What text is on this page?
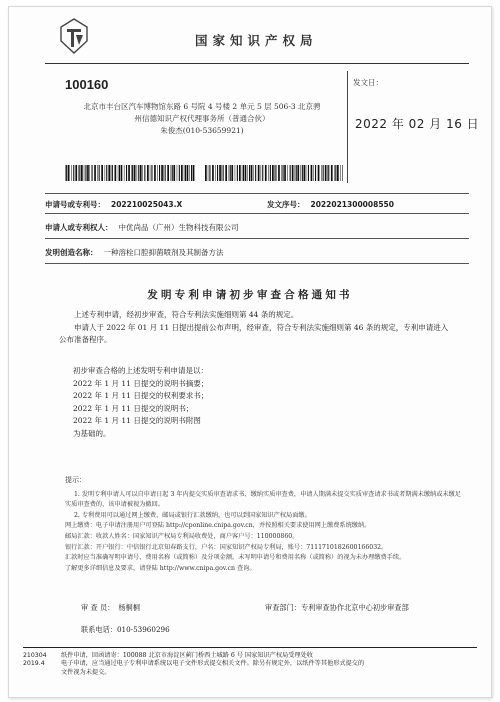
国家知识产权局
100160
北京市丰台区汽车博物馆东路 6 号院 4 号楼 2 单元 5 层 506-3 北京骋
州信德知识产权代理事务所（普通合伙）
朱俊杰(010-53659921)
发文日：
2022 年 02 月 16 日
申请号或专利号： 202210025043.X	发文序号： 2022021300008550
申请人或专利权人： 中优尚品（广州）生物科技有限公司
发明创造名称： 一种溶栓口腔抑菌喷剂及其制备方法
发明专利申请初步审查合格通知书

上述专利申请，经初步审查，符合专利法实施细则第 44 条的规定。

申请人于 2022 年 01 月 11 日提出提前公布声明，经审查，符合专利法实施细则第 46 条的规定，专利申请进入公布准备程序。

初步审查合格的上述发明专利申请是以：
2022 年 1 月 11 日提交的说明书摘要；
2022 年 1 月 11 日提交的权利要求书；
2022 年 1 月 11 日提交的说明书；
2022 年 1 月 11 日提交的说明书附图
为基础的。
提示：
1. 发明专利申请人可以自申请日起 3 年内提交实质审查请求书、缴纳实质审查费，申请人期满未提交实质审查请求书或者期满未缴纳或未缴足实质审查费的，该申请被视为撤回。
2. 专利费用可以通过网上缴费、邮局或银行汇款缴纳，也可以到国家知识产权局面缴。
网上缴费：电子申请注册用户可登陆 http://cponline.cnipa.gov.cn，并按照相关要求使用网上缴费系统缴纳。
邮局汇款：收款人姓名：国家知识产权局专利局收费处，商户客户号：110000860。
银行汇款：开户银行：中信银行北京知春路支行，户名：国家知识产权局专利局，账号：7111710182600166032。
汇款时应当准确写明申请号、费用名称（或简称）及分项金额。未写明申请号和费用名称（或简称）的视为未办理缴费手续。
了解更多详细信息及要求，请登陆 http://www.cnipa.gov.cn 查询。
审 查 员： 杨桐桐	审查部门：专利审查协作北京中心初步审查部
联系电话：010-53960296
210304
2019.4
纸件申请，回函请寄：100088 北京市海淀区蓟门桥西土城路 6 号 国家知识产权局受理处收
电子申请，应当通过电子专利申请系统以电子文件形式提交相关文件。除另有规定外，以纸件等其他形式提交的
文件视为未提交。
